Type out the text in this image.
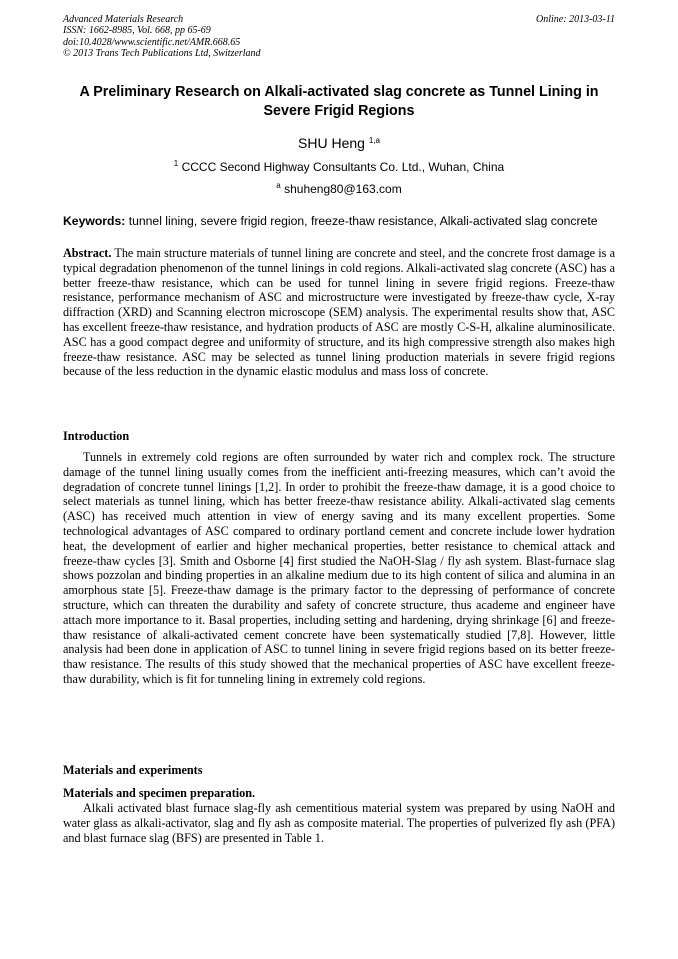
Advanced Materials Research
ISSN: 1662-8985, Vol. 668, pp 65-69
doi:10.4028/www.scientific.net/AMR.668.65
© 2013 Trans Tech Publications Ltd, Switzerland
Online: 2013-03-11
A Preliminary Research on Alkali-activated slag concrete as Tunnel Lining in Severe Frigid Regions
SHU Heng $^{1,a}$
$^1$ CCCC Second Highway Consultants Co. Ltd., Wuhan, China
$^a$ shuheng80@163.com
Keywords: tunnel lining, severe frigid region, freeze-thaw resistance, Alkali-activated slag concrete
Abstract. The main structure materials of tunnel lining are concrete and steel, and the concrete frost damage is a typical degradation phenomenon of the tunnel linings in cold regions. Alkali-activated slag concrete (ASC) has a better freeze-thaw resistance, which can be used for tunnel lining in severe frigid regions. Freeze-thaw resistance, performance mechanism of ASC and microstructure were investigated by freeze-thaw cycle, X-ray diffraction (XRD) and Scanning electron microscope (SEM) analysis. The experimental results show that, ASC has excellent freeze-thaw resistance, and hydration products of ASC are mostly C-S-H, alkaline aluminosilicate. ASC has a good compact degree and uniformity of structure, and its high compressive strength also makes high freeze-thaw resistance. ASC may be selected as tunnel lining production materials in severe frigid regions because of the less reduction in the dynamic elastic modulus and mass loss of concrete.
Introduction
Tunnels in extremely cold regions are often surrounded by water rich and complex rock. The structure damage of the tunnel lining usually comes from the inefficient anti-freezing measures, which can’t avoid the degradation of concrete tunnel linings [1,2]. In order to prohibit the freeze-thaw damage, it is a good choice to select materials as tunnel lining, which has better freeze-thaw resistance ability. Alkali-activated slag cements (ASC) has received much attention in view of energy saving and its many excellent properties. Some technological advantages of ASC compared to ordinary portland cement and concrete include lower hydration heat, the development of earlier and higher mechanical properties, better resistance to chemical attack and freeze-thaw cycles [3]. Smith and Osborne [4] first studied the NaOH-Slag / fly ash system. Blast-furnace slag shows pozzolan and binding properties in an alkaline medium due to its high content of silica and alumina in an amorphous state [5]. Freeze-thaw damage is the primary factor to the depressing of performance of concrete structure, which can threaten the durability and safety of concrete structure, thus academe and engineer have attach more importance to it. Basal properties, including setting and hardening, drying shrinkage [6] and freeze-thaw resistance of alkali-activated cement concrete have been systematically studied [7,8]. However, little analysis had been done in application of ASC to tunnel lining in severe frigid regions based on its better freeze-thaw resistance. The results of this study showed that the mechanical properties of ASC have excellent freeze-thaw durability, which is fit for tunneling lining in extremely cold regions.
Materials and experiments
Materials and specimen preparation.
Alkali activated blast furnace slag-fly ash cementitious material system was prepared by using NaOH and water glass as alkali-activator, slag and fly ash as composite material. The properties of pulverized fly ash (PFA) and blast furnace slag (BFS) are presented in Table 1.
